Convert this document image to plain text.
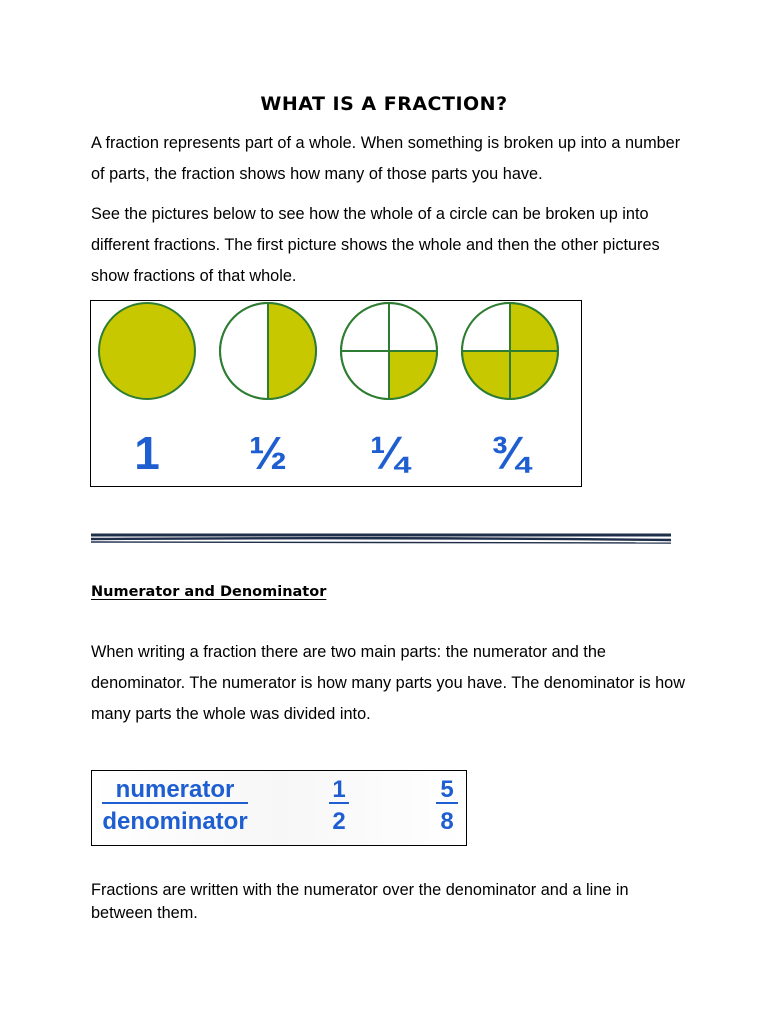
WHAT IS A FRACTION?

A fraction represents part of a whole. When something is broken up into a number of parts, the fraction shows how many of those parts you have.

See the pictures below to see how the whole of a circle can be broken up into different fractions. The first picture shows the whole and then the other pictures show fractions of that whole.

1 ½ ¼ ¾
Numerator and Denominator

When writing a fraction there are two main parts: the numerator and the denominator. The numerator is how many parts you have. The denominator is how many parts the whole was divided into.

numerator
denominator
1
2
5
8

Fractions are written with the numerator over the denominator and a line in between them.
